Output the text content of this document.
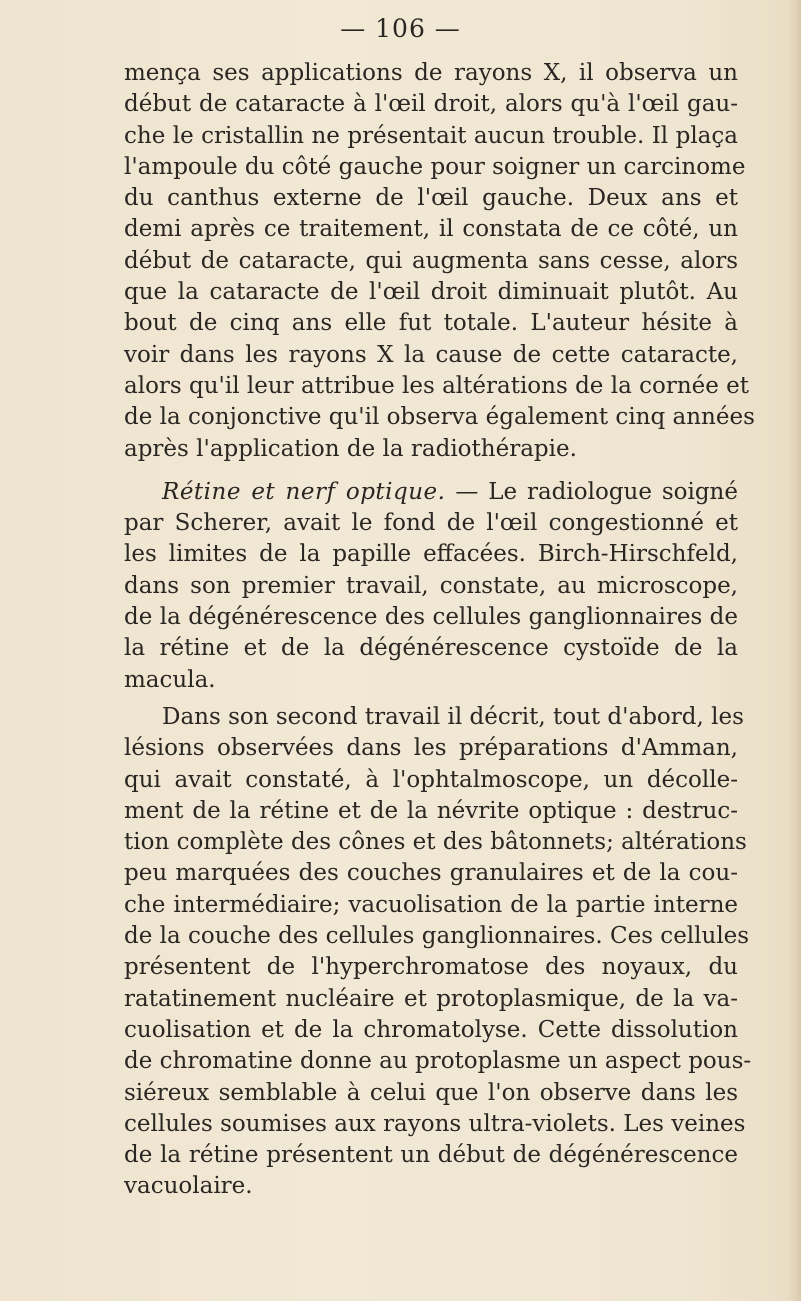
— 106 —
mença ses applications de rayons X, il observa un
début de cataracte à l'œil droit, alors qu'à l'œil gau-
che le cristallin ne présentait aucun trouble. Il plaça
l'ampoule du côté gauche pour soigner un carcinome
du canthus externe de l'œil gauche. Deux ans et
demi après ce traitement, il constata de ce côté, un
début de cataracte, qui augmenta sans cesse, alors
que la cataracte de l'œil droit diminuait plutôt. Au
bout de cinq ans elle fut totale. L'auteur hésite à
voir dans les rayons X la cause de cette cataracte,
alors qu'il leur attribue les altérations de la cornée et
de la conjonctive qu'il observa également cinq années
après l'application de la radiothérapie.
Rétine et nerf optique. — Le radiologue soigné
par Scherer, avait le fond de l'œil congestionné et
les limites de la papille effacées. Birch-Hirschfeld,
dans son premier travail, constate, au microscope,
de la dégénérescence des cellules ganglionnaires de
la rétine et de la dégénérescence cystoïde de la
macula.
Dans son second travail il décrit, tout d'abord, les
lésions observées dans les préparations d'Amman,
qui avait constaté, à l'ophtalmoscope, un décolle-
ment de la rétine et de la névrite optique : destruc-
tion complète des cônes et des bâtonnets; altérations
peu marquées des couches granulaires et de la cou-
che intermédiaire; vacuolisation de la partie interne
de la couche des cellules ganglionnaires. Ces cellules
présentent de l'hyperchromatose des noyaux, du
ratatinement nucléaire et protoplasmique, de la va-
cuolisation et de la chromatolyse. Cette dissolution
de chromatine donne au protoplasme un aspect pous-
siéreux semblable à celui que l'on observe dans les
cellules soumises aux rayons ultra-violets. Les veines
de la rétine présentent un début de dégénérescence
vacuolaire.
